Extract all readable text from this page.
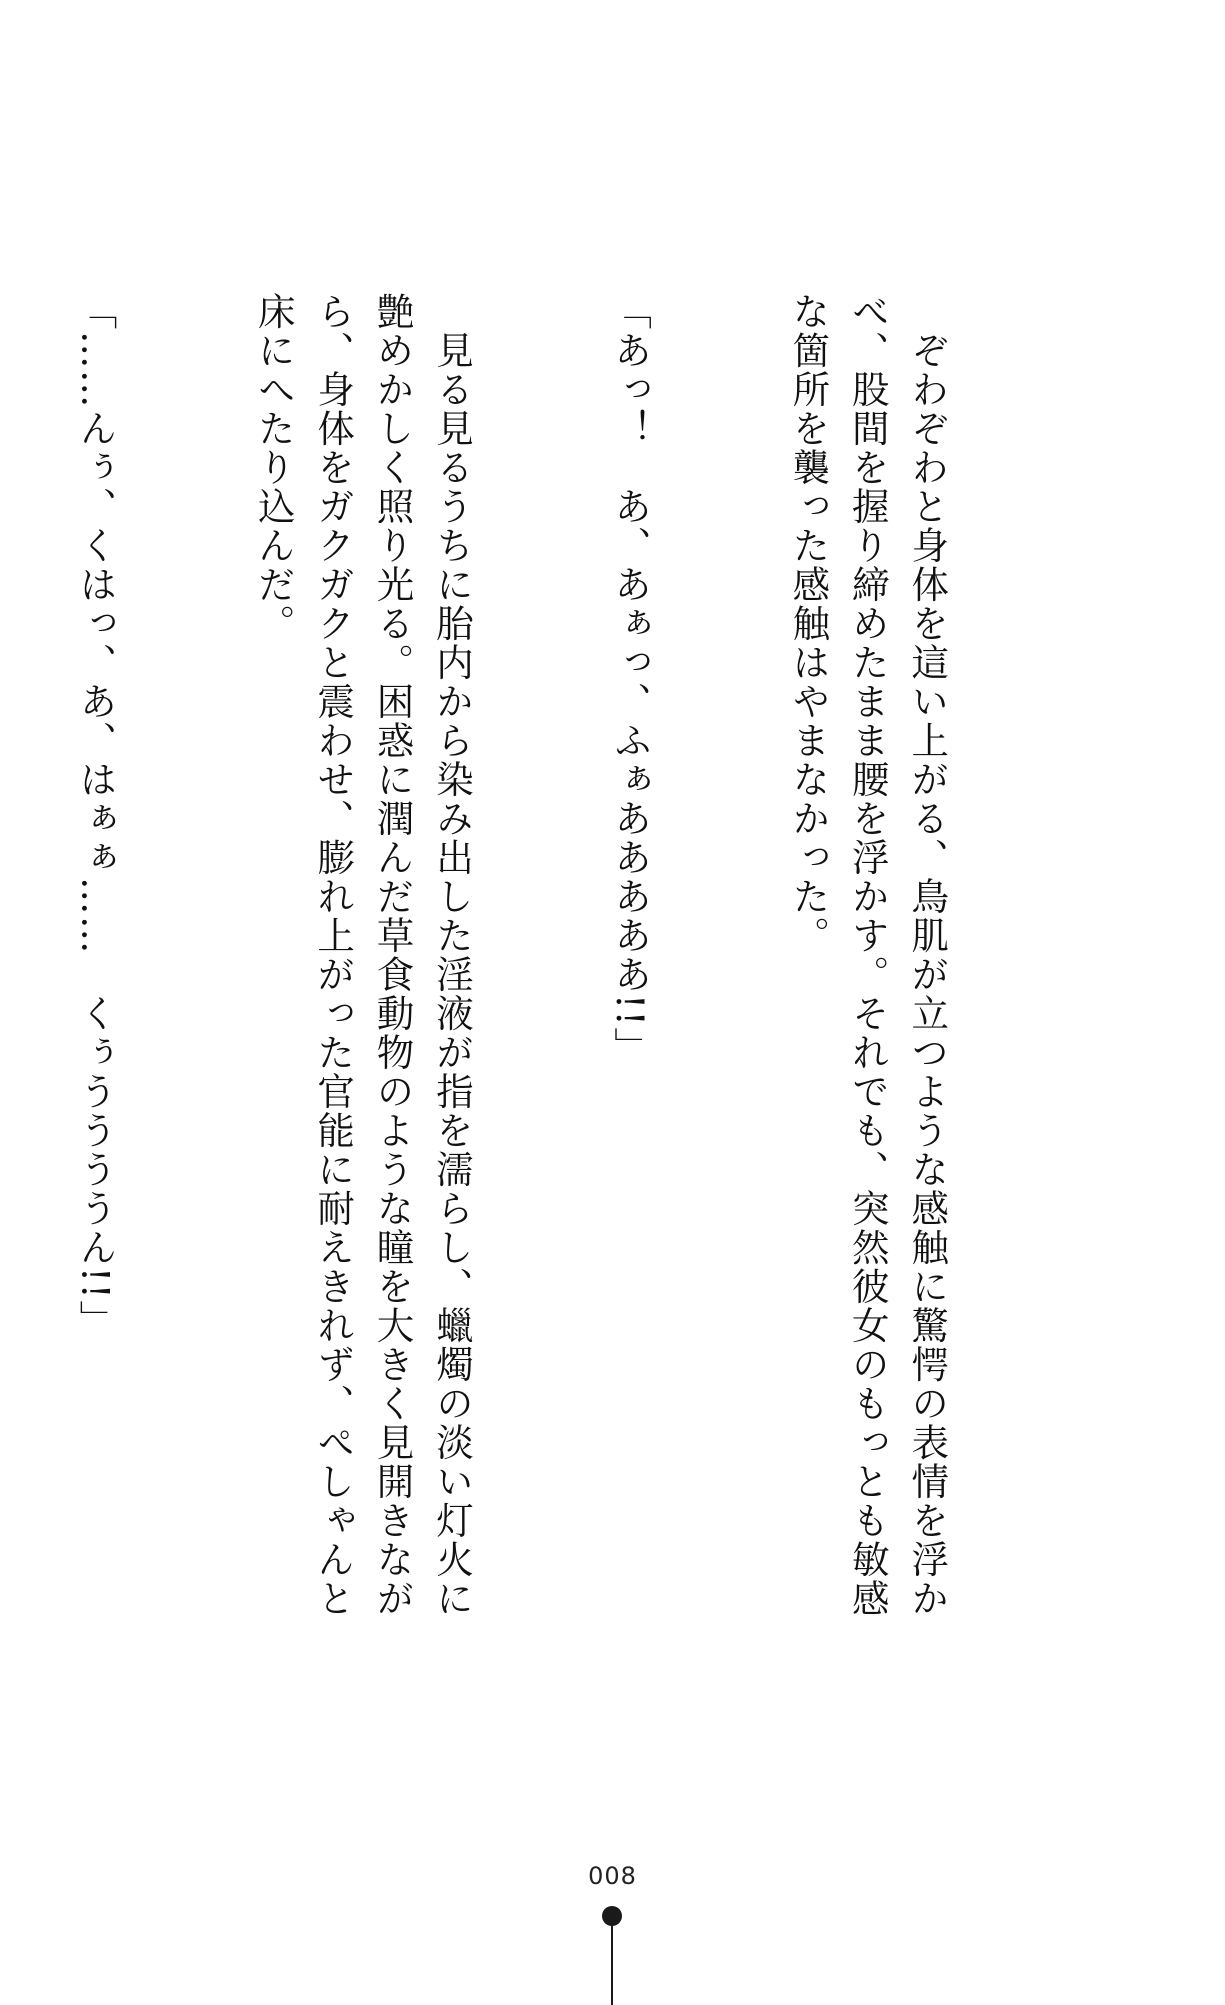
　ぞわぞわと身体を這い上がる、鳥肌が立つような感触に驚愕の表情を浮かべ、股間を握り締めたまま腰を浮かす。それでも、突然彼女のもっとも敏感な箇所を襲った感触はやまなかった。

「あっ！　あ、あぁっ、ふぁあああああ!!」

　見る見るうちに胎内から染み出した淫液が指を濡らし、蠟燭の淡い灯火に艶めかしく照り光る。困惑に潤んだ草食動物のような瞳を大きく見開きながら、身体をガクガクと震わせ、膨れ上がった官能に耐えきれず、ぺしゃんと床にへたり込んだ。

「……んぅ、くはっ、あ、はぁぁ……　くぅううううん!!」

008
